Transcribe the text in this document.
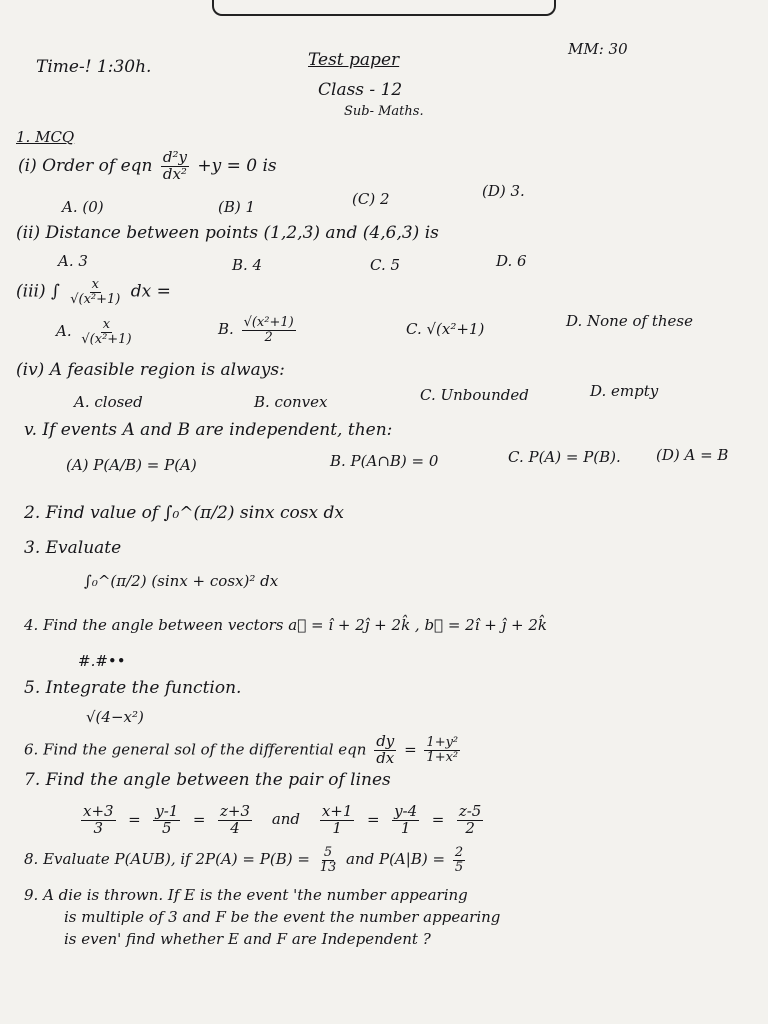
Time-! 1:30h.	Test paper
Class - 12
Sub- Maths.
MM: 30
1. MCQ
(i) Order of eqn $\frac{\text{d²y}}{\text{dx²}} +y = 0$ is
A. (0)	(B) 1	(C) 2	(D) 3.
(ii) Distance between points (1,2,3) and (4,6,3) is
A. 3	B. 4	C. 5	D. 6
(iii) ∫ $\frac{x}{\text{√(x²+1)}}$ dx =
A. $\frac{x}{\text{√(x²+1)}}$	B. $\frac{\text{√(x²+1)}}{2}$	C. √(x²+1)	D. None of these
(iv) A feasible region is always:
A. closed	B. convex	C. Unbounded	D. empty
v. If events A and B are independent, then:
(A) P(A/B) = P(A)	B. P(A∩B) = 0	C. P(A) = P(B). (D) A = B
2. Find value of ∫₀^(π/2) sinx cosx dx
3. Evaluate
∫₀^(π/2) (sinx + cosx)² dx
4. Find the angle between vectors a⃗ = î + 2ĵ + 2k̂ , b⃗ = 2î + ĵ + 2k̂
#.#••
5. Integrate the function.
√(4−x²)
6. Find the general sol of the differential eqn $\frac{dy}{dx} = \frac{\text{1+y²}}{\text{1+x²}}$
7. Find the angle between the pair of lines
$\frac{x+3}{3} = \frac{y-1}{5} = \frac{z+3}{4}$ and $\frac{x+1}{1} = \frac{y-4}{1} = \frac{z-5}{2}$
8. Evaluate P(AUB), if $2P(A) = P(B) = \frac{5}{13}$ and $P(A|B) = \frac{2}{5}$
9. A die is thrown. If E is the event 'the number appearing
is multiple of 3 and F be the event the number appearing
is even' find whether E and F are Independent ?
